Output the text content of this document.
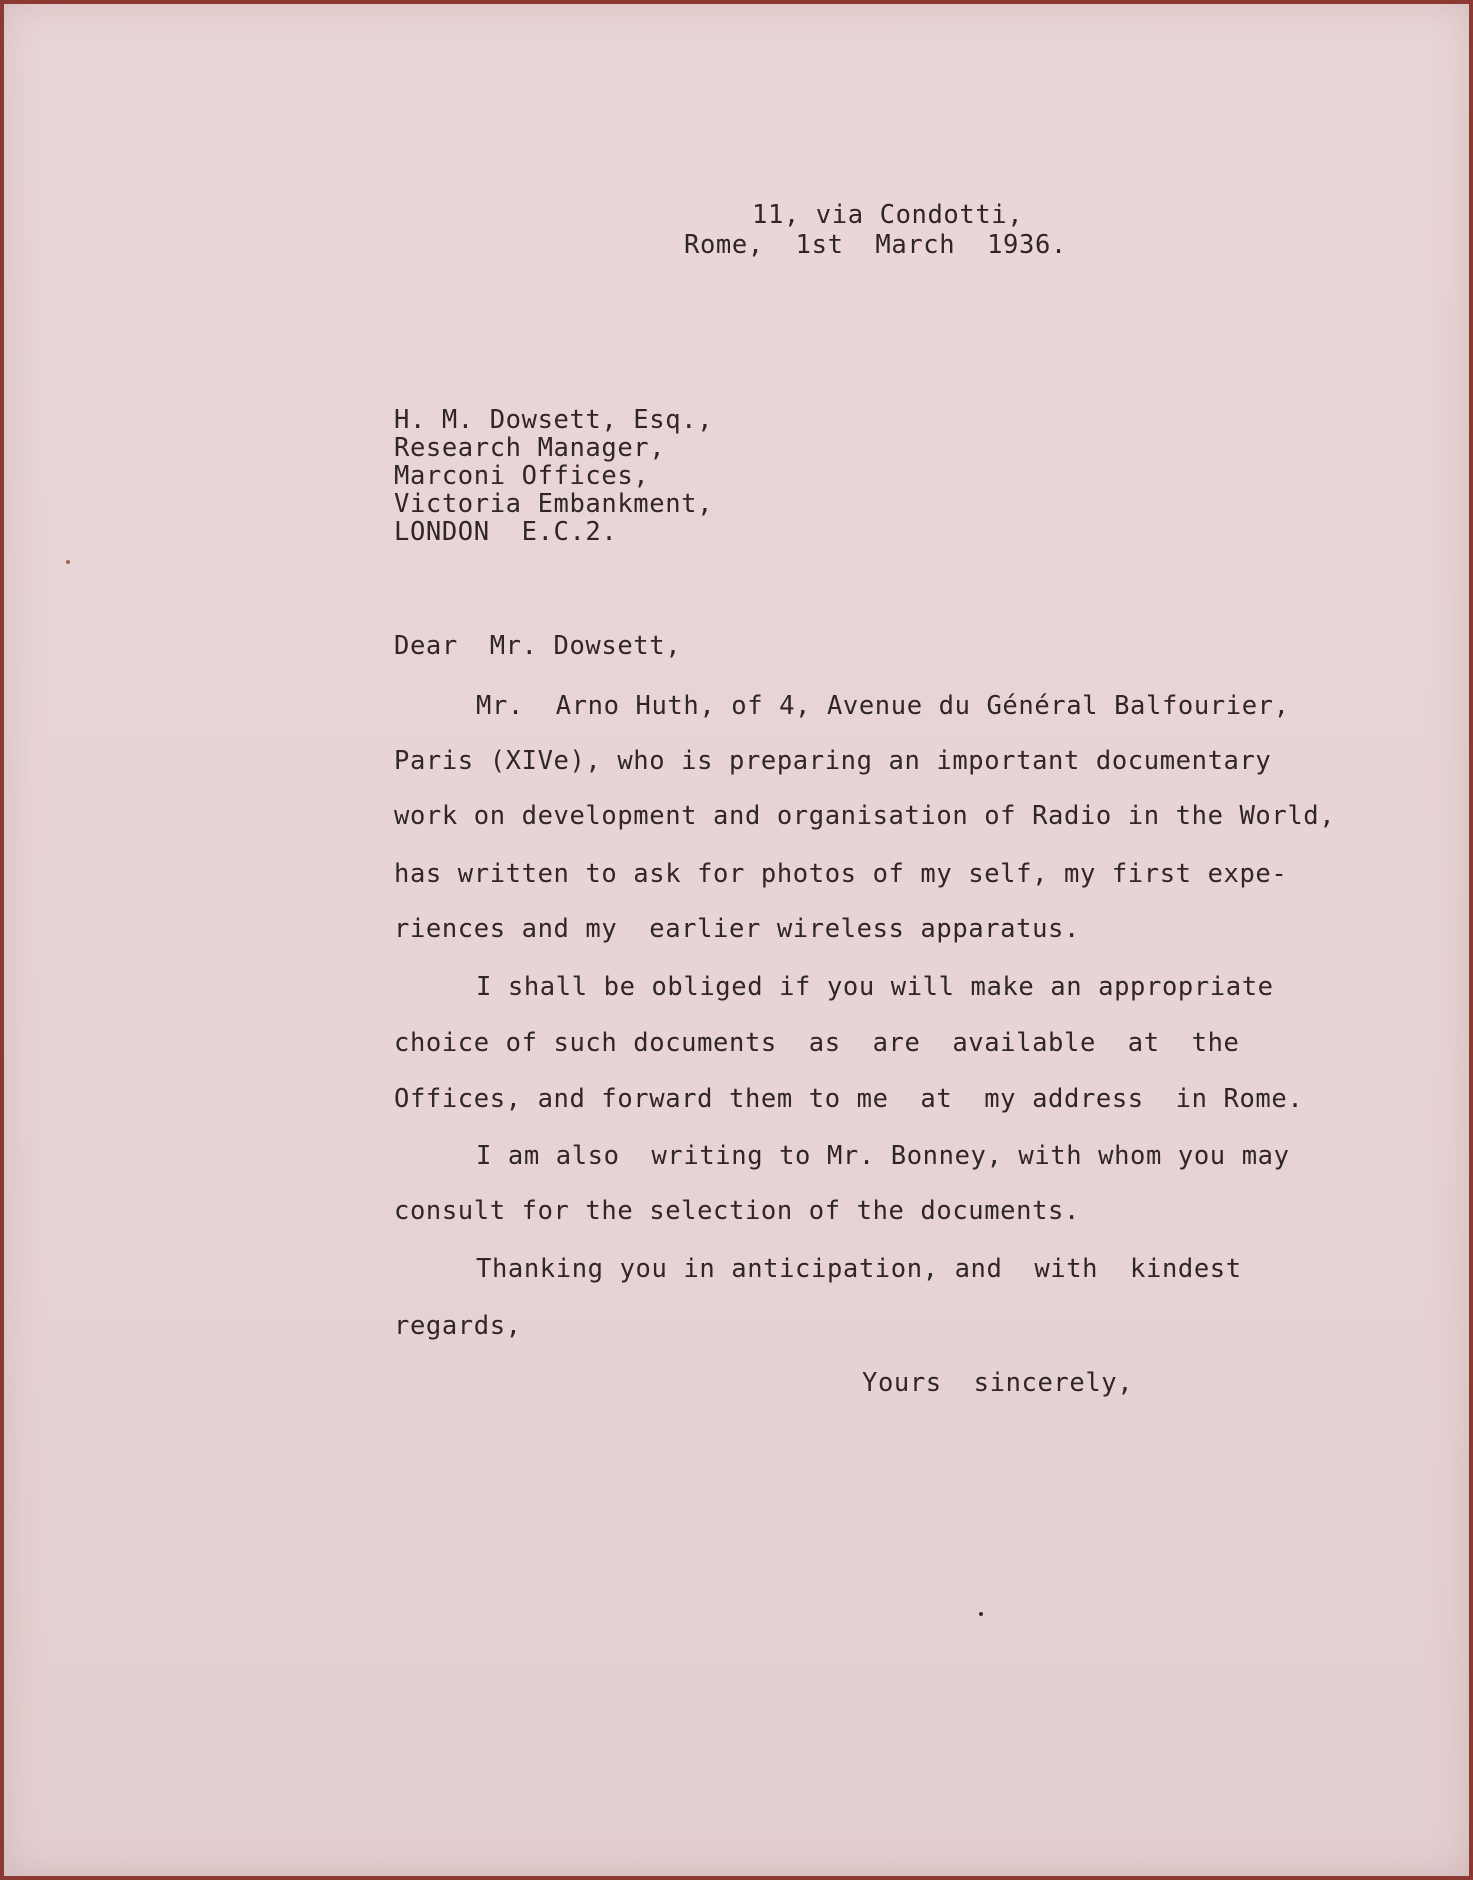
11, via Condotti,
Rome,  1st  March  1936.
H. M. Dowsett, Esq.,
Research Manager,
Marconi Offices,
Victoria Embankment,
LONDON  E.C.2.
Dear  Mr. Dowsett,
Mr.  Arno Huth, of 4, Avenue du Général Balfourier,
Paris (XIVe), who is preparing an important documentary
work on development and organisation of Radio in the World,
has written to ask for photos of my self, my first expe-
riences and my  earlier wireless apparatus.
I shall be obliged if you will make an appropriate
choice of such documents  as  are  available  at  the
Offices, and forward them to me  at  my address  in Rome.
I am also  writing to Mr. Bonney, with whom you may
consult for the selection of the documents.
Thanking you in anticipation, and  with  kindest
regards,
Yours  sincerely,
